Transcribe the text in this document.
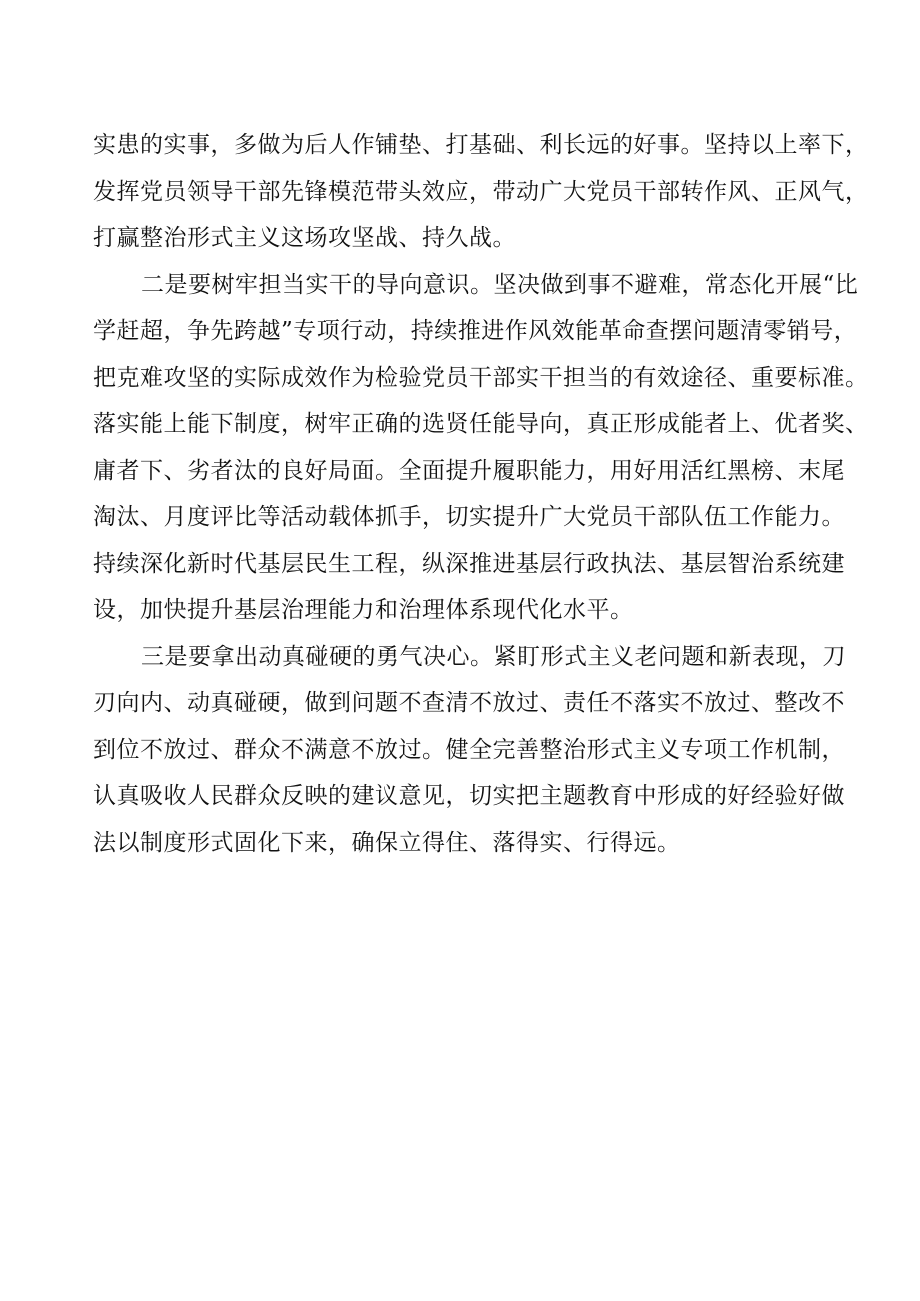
实患的实事，多做为后人作铺垫、打基础、利长远的好事。坚持以上率下，
发挥党员领导干部先锋模范带头效应，带动广大党员干部转作风、正风气，
打赢整治形式主义这场攻坚战、持久战。

二是要树牢担当实干的导向意识。坚决做到事不避难，常态化开展“比
学赶超，争先跨越”专项行动，持续推进作风效能革命查摆问题清零销号，
把克难攻坚的实际成效作为检验党员干部实干担当的有效途径、重要标准。
落实能上能下制度，树牢正确的选贤任能导向，真正形成能者上、优者奖、
庸者下、劣者汰的良好局面。全面提升履职能力，用好用活红黑榜、末尾
淘汰、月度评比等活动载体抓手，切实提升广大党员干部队伍工作能力。
持续深化新时代基层民生工程，纵深推进基层行政执法、基层智治系统建
设，加快提升基层治理能力和治理体系现代化水平。

三是要拿出动真碰硬的勇气决心。紧盯形式主义老问题和新表现，刀
刃向内、动真碰硬，做到问题不查清不放过、责任不落实不放过、整改不
到位不放过、群众不满意不放过。健全完善整治形式主义专项工作机制，
认真吸收人民群众反映的建议意见，切实把主题教育中形成的好经验好做
法以制度形式固化下来，确保立得住、落得实、行得远。
